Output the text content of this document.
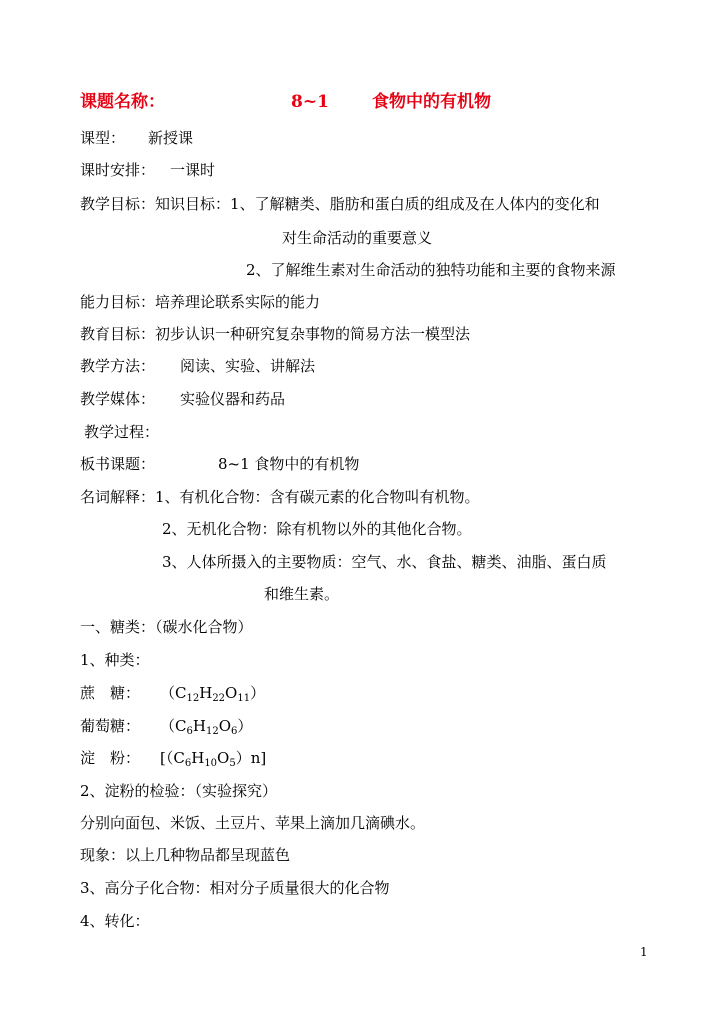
课题名称：	8~1	食物中的有机物
课型： 新授课
课时安排： 一课时
教学目标：知识目标：1、了解糖类、脂肪和蛋白质的组成及在人体内的变化和
对生命活动的重要意义
2、了解维生素对生命活动的独特功能和主要的食物来源
能力目标：培养理论联系实际的能力
教育目标：初步认识一种研究复杂事物的简易方法一模型法
教学方法： 阅读、实验、讲解法
教学媒体： 实验仪器和药品
教学过程：
板书课题：	8~1 食物中的有机物
名词解释：1、有机化合物：含有碳元素的化合物叫有机物。
2、无机化合物：除有机物以外的其他化合物。
3、人体所摄入的主要物质：空气、水、食盐、糖类、油脂、蛋白质
和维生素。
一、糖类：（碳水化合物）
1、种类：
蔗　糖： $(C_{12}H_{22}O_{11})$
葡萄糖： $(C_6H_{12}O_6)$
淀　粉： $[(C_6H_{10}O_5)n]$
2、淀粉的检验：（实验探究）
分别向面包、米饭、土豆片、苹果上滴加几滴碘水。
现象：以上几种物品都呈现蓝色
3、高分子化合物：相对分子质量很大的化合物
4、转化：
1
